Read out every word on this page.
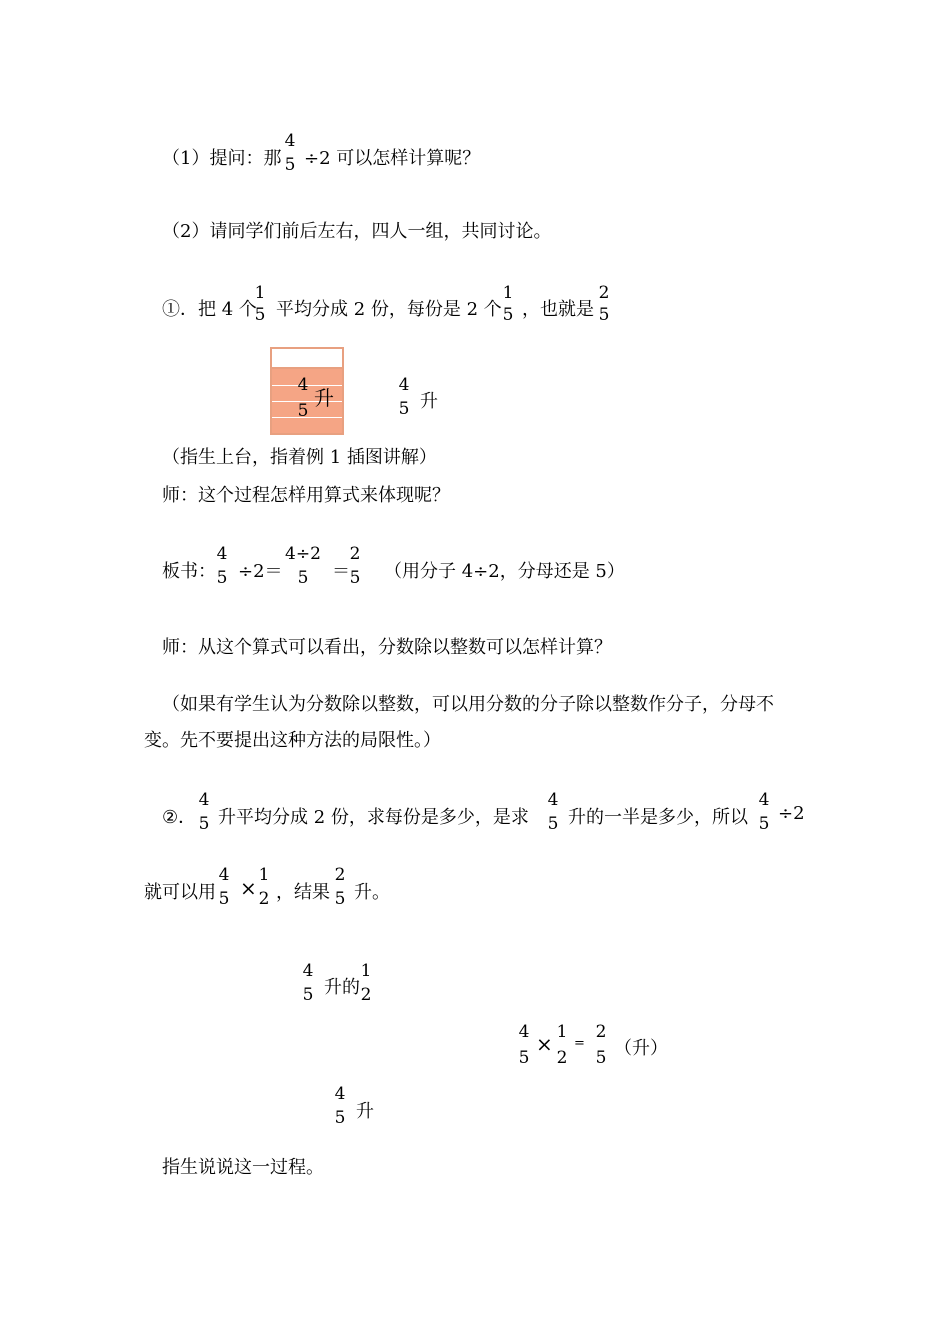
（1）提问：那
4
5 ÷2 可以怎样计算呢？
（2）请同学们前后左右，四人一组，共同讨论。
①．把 4 个
1
5 平均分成 2 份，每份是 2 个
1
5 ，也就是
2
5
4
5
升
4
5 升
（指生上台，指着例 1 插图讲解）
师：这个过程怎样用算式来体现呢？
板书：
4
5 ÷2＝
4÷2
5 ＝
2
5 （用分子 4÷2，分母还是 5）
师：从这个算式可以看出，分数除以整数可以怎样计算？
（如果有学生认为分数除以整数，可以用分数的分子除以整数作分子，分母不
变。先不要提出这种方法的局限性。）
②．
4
5 升平均分成 2 份，求每份是多少，是求
4
5 升的一半是多少，所以
4
5 ÷2
就可以用
4
5 ×
1
2 ，结果
2
5 升。
4
5 升的
1
2
4
5
× 1
2
=
2
5 （升）
4
5 升
指生说说这一过程。
